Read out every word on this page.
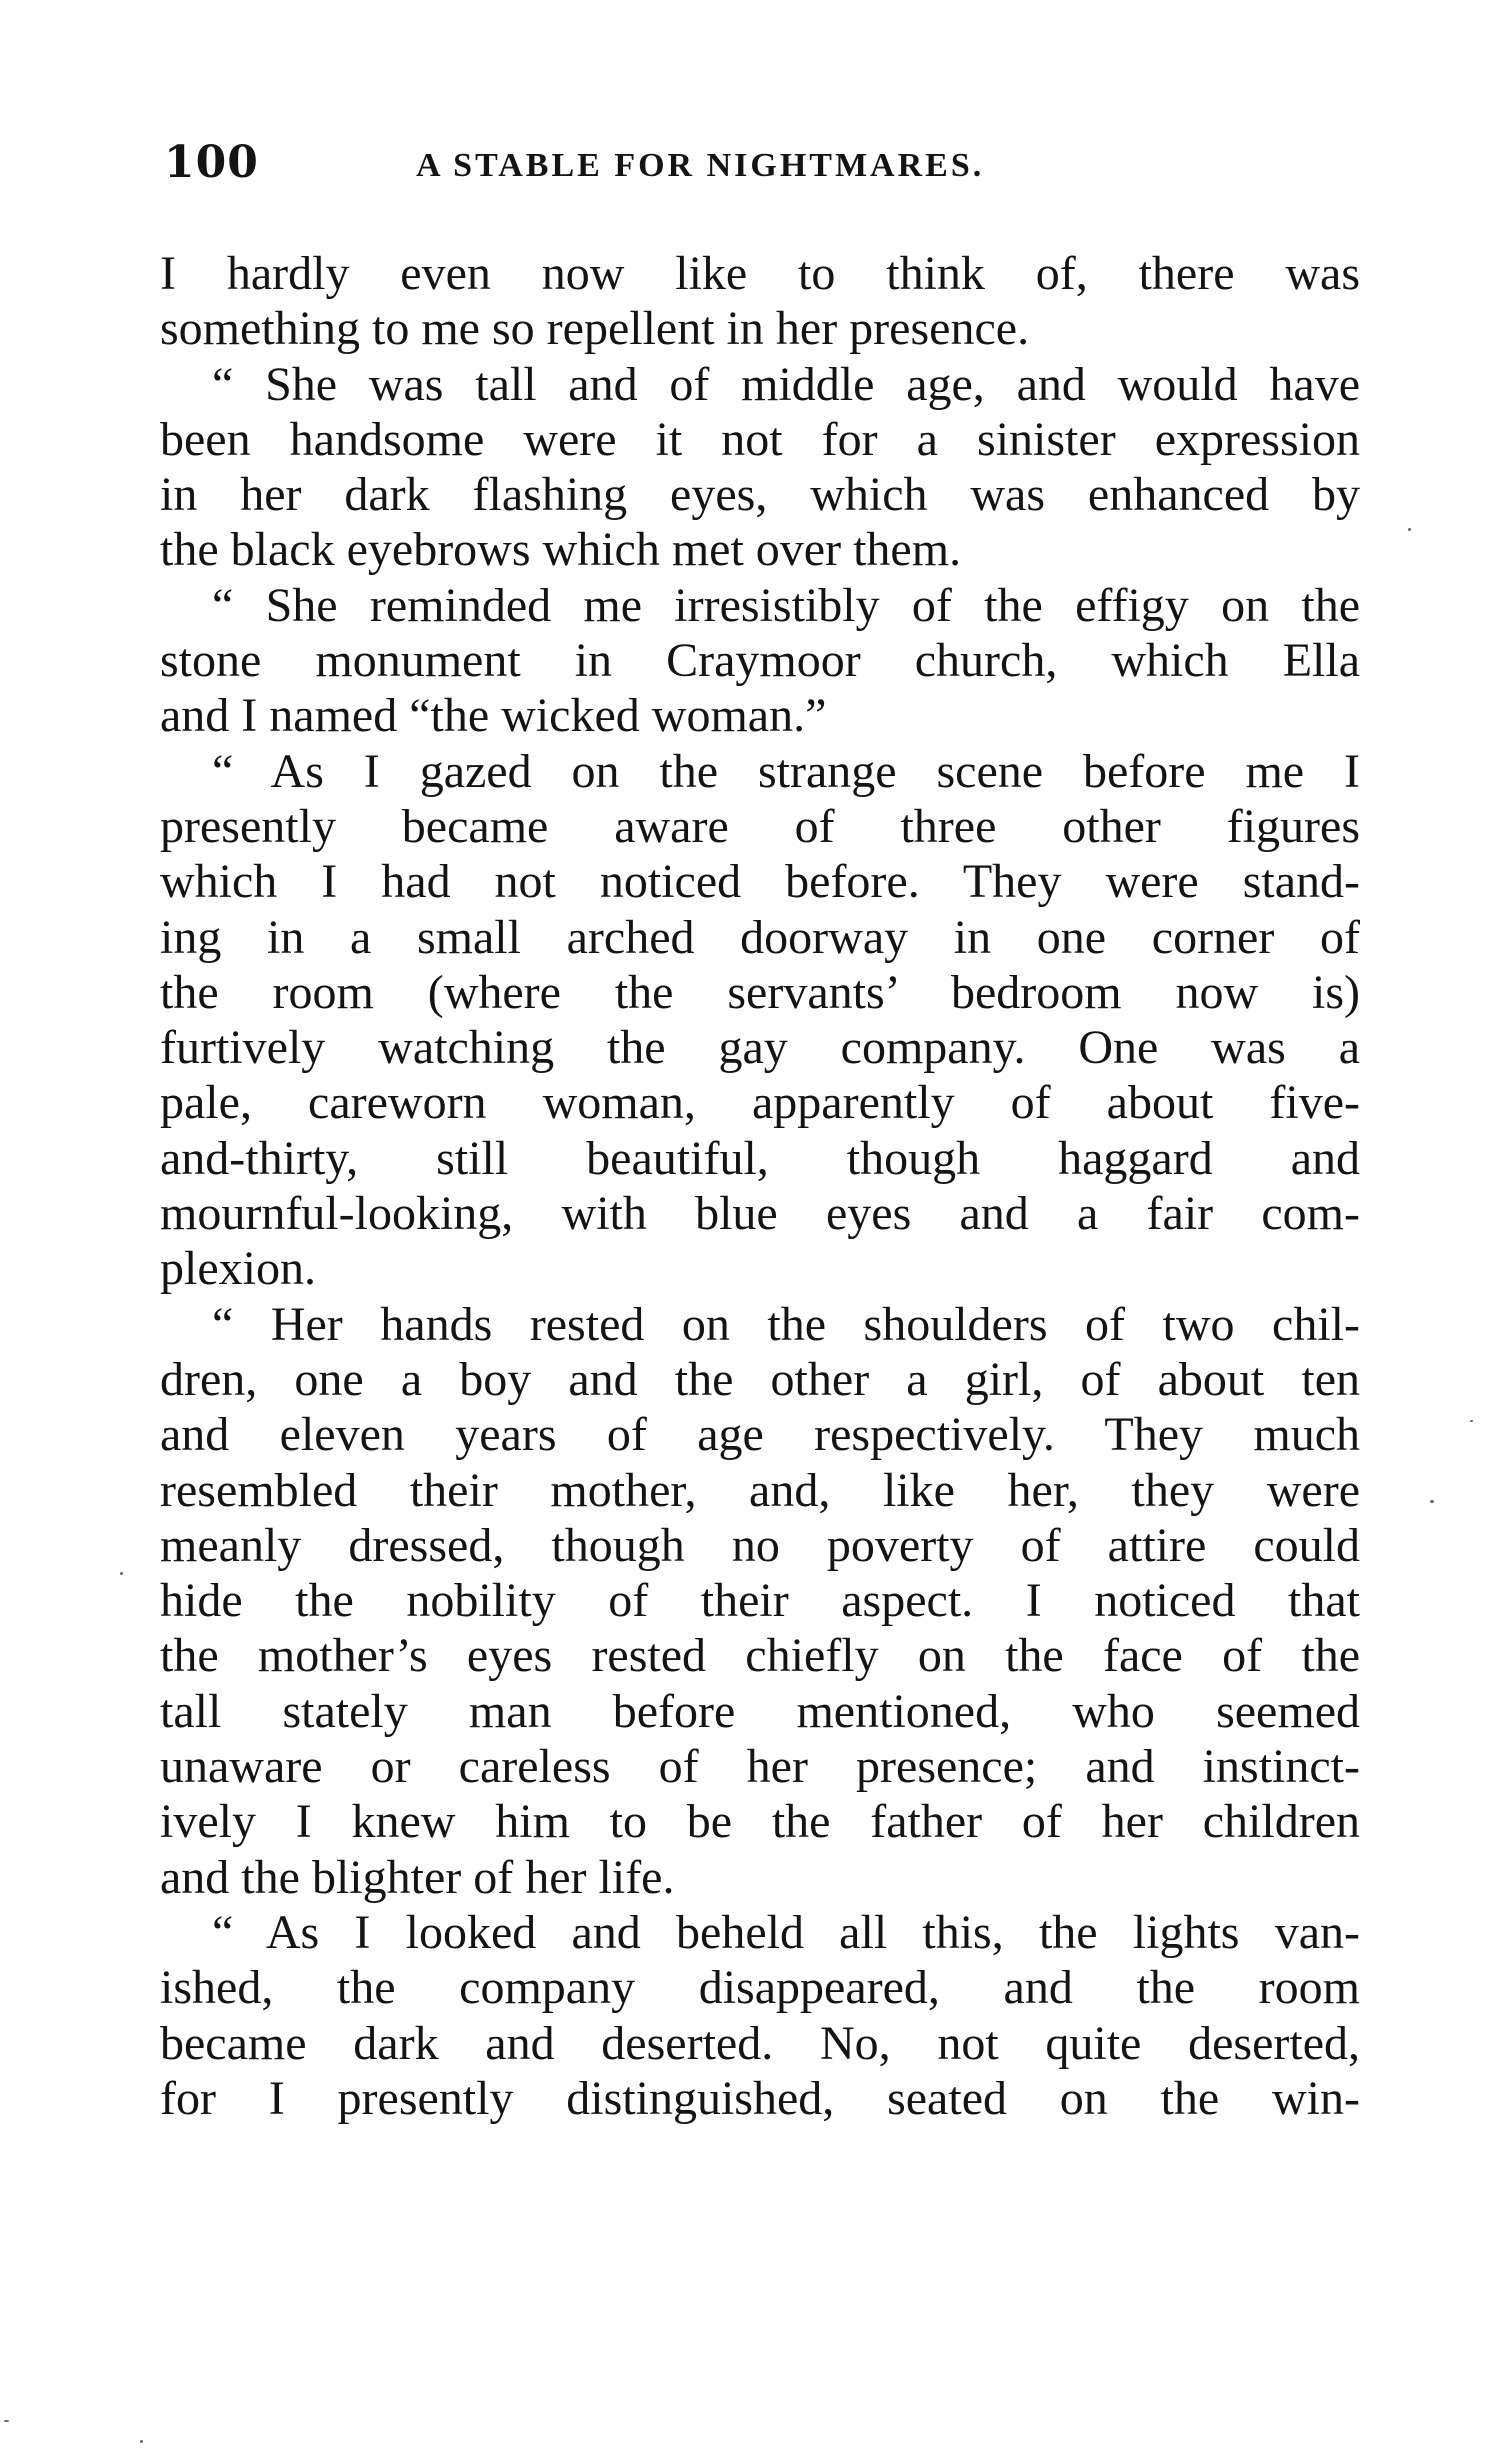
100	A STABLE FOR NIGHTMARES.
I hardly even now like to think of, there was
something to me so repellent in her presence.
“ She was tall and of middle age, and would have
been handsome were it not for a sinister expression
in her dark flashing eyes, which was enhanced by
the black eyebrows which met over them.
“ She reminded me irresistibly of the effigy on the
stone monument in Craymoor church, which Ella
and I named “the wicked woman.”
“ As I gazed on the strange scene before me I
presently became aware of three other figures
which I had not noticed before. They were stand-
ing in a small arched doorway in one corner of
the room (where the servants’ bedroom now is)
furtively watching the gay company. One was a
pale, careworn woman, apparently of about five-
and-thirty, still beautiful, though haggard and
mournful-looking, with blue eyes and a fair com-
plexion.
“ Her hands rested on the shoulders of two chil-
dren, one a boy and the other a girl, of about ten
and eleven years of age respectively. They much
resembled their mother, and, like her, they were
meanly dressed, though no poverty of attire could
hide the nobility of their aspect. I noticed that
the mother’s eyes rested chiefly on the face of the
tall stately man before mentioned, who seemed
unaware or careless of her presence; and instinct-
ively I knew him to be the father of her children
and the blighter of her life.
“ As I looked and beheld all this, the lights van-
ished, the company disappeared, and the room
became dark and deserted. No, not quite deserted,
for I presently distinguished, seated on the win-
